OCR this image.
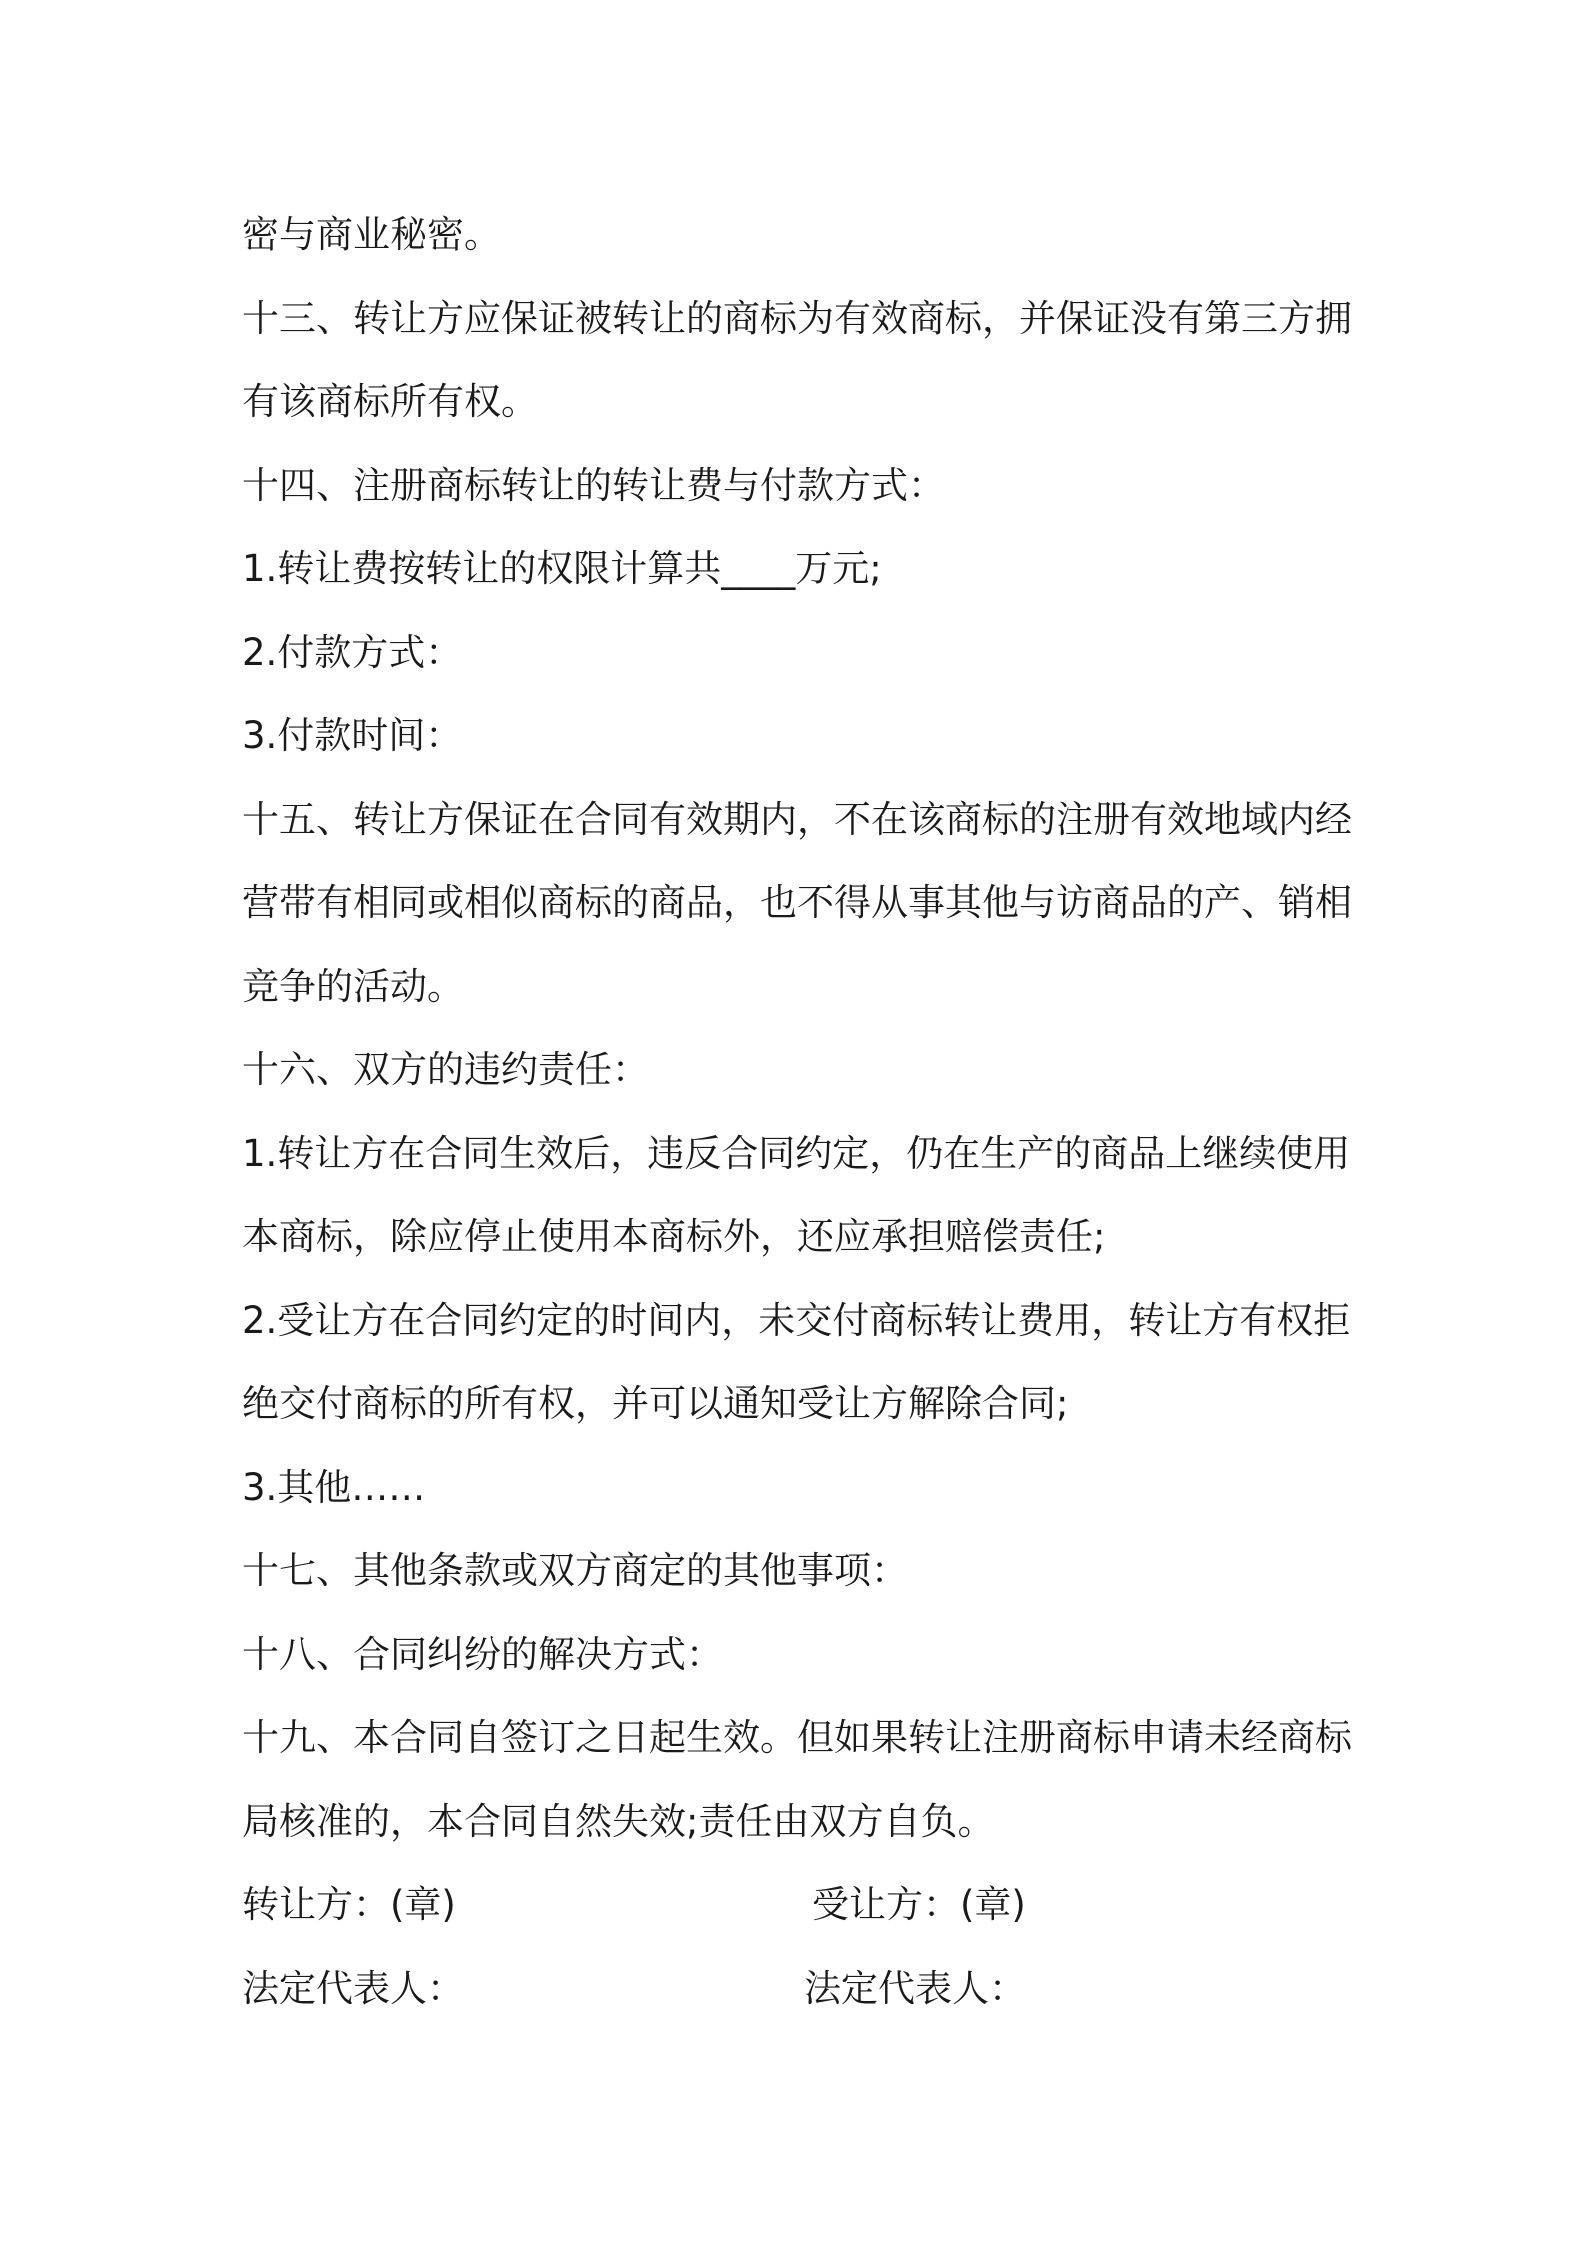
密与商业秘密。

十三、转让方应保证被转让的商标为有效商标，并保证没有第三方拥

有该商标所有权。

十四、注册商标转让的转让费与付款方式：

1.转让费按转让的权限计算共____万元;

2.付款方式：

3.付款时间：

十五、转让方保证在合同有效期内，不在该商标的注册有效地域内经

营带有相同或相似商标的商品，也不得从事其他与访商品的产、销相

竞争的活动。

十六、双方的违约责任：

1.转让方在合同生效后，违反合同约定，仍在生产的商品上继续使用

本商标，除应停止使用本商标外，还应承担赔偿责任;

2.受让方在合同约定的时间内，未交付商标转让费用，转让方有权拒

绝交付商标的所有权，并可以通知受让方解除合同;

3.其他……

十七、其他条款或双方商定的其他事项：

十八、合同纠纷的解决方式：

十九、本合同自签订之日起生效。但如果转让注册商标申请未经商标

局核准的，本合同自然失效;责任由双方自负。

转让方：(章)	受让方：(章)
法定代表人：	法定代表人：
